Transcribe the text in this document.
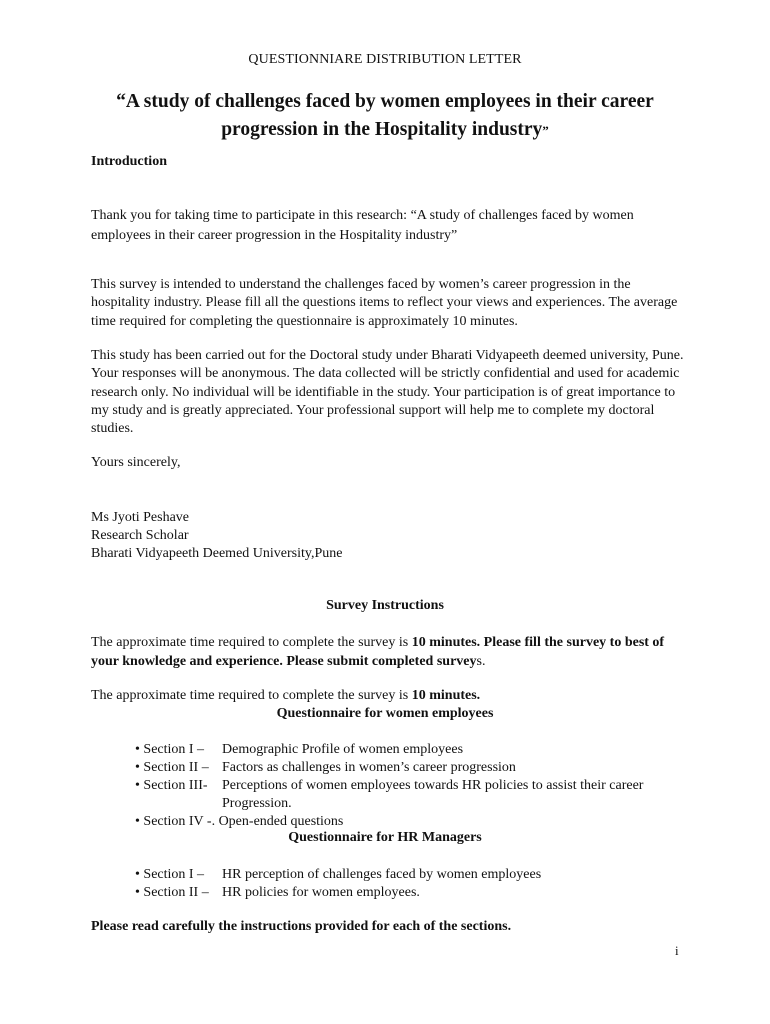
QUESTIONNIARE DISTRIBUTION LETTER
“A study of challenges faced by women employees in their career
progression in the Hospitality industry”
Introduction
Thank you for taking time to participate in this research: “A study of challenges faced by women employees in their career progression in the Hospitality industry”
This survey is intended to understand the challenges faced by women’s career progression in the hospitality industry. Please fill all the questions items to reflect your views and experiences. The average time required for completing the questionnaire is approximately 10 minutes.
This study has been carried out for the Doctoral study under Bharati Vidyapeeth deemed university, Pune. Your responses will be anonymous. The data collected will be strictly confidential and used for academic research only. No individual will be identifiable in the study. Your participation is of great importance to my study and is greatly appreciated. Your professional support will help me to complete my doctoral studies.
Yours sincerely,
Ms Jyoti Peshave
Research Scholar
Bharati Vidyapeeth Deemed University,Pune
Survey Instructions
The approximate time required to complete the survey is 10 minutes. Please fill the survey to best of your knowledge and experience. Please submit completed surveys.
The approximate time required to complete the survey is 10 minutes.
Questionnaire for women employees
• Section I –	Demographic Profile of women employees
• Section II – Factors as challenges in women’s career progression
• Section III-	Perceptions of women employees towards HR policies to assist their career Progression.
• Section IV -. Open-ended questions
Questionnaire for HR Managers
• Section I –	HR perception of challenges faced by women employees
• Section II – HR policies for women employees.
Please read carefully the instructions provided for each of the sections.
i
